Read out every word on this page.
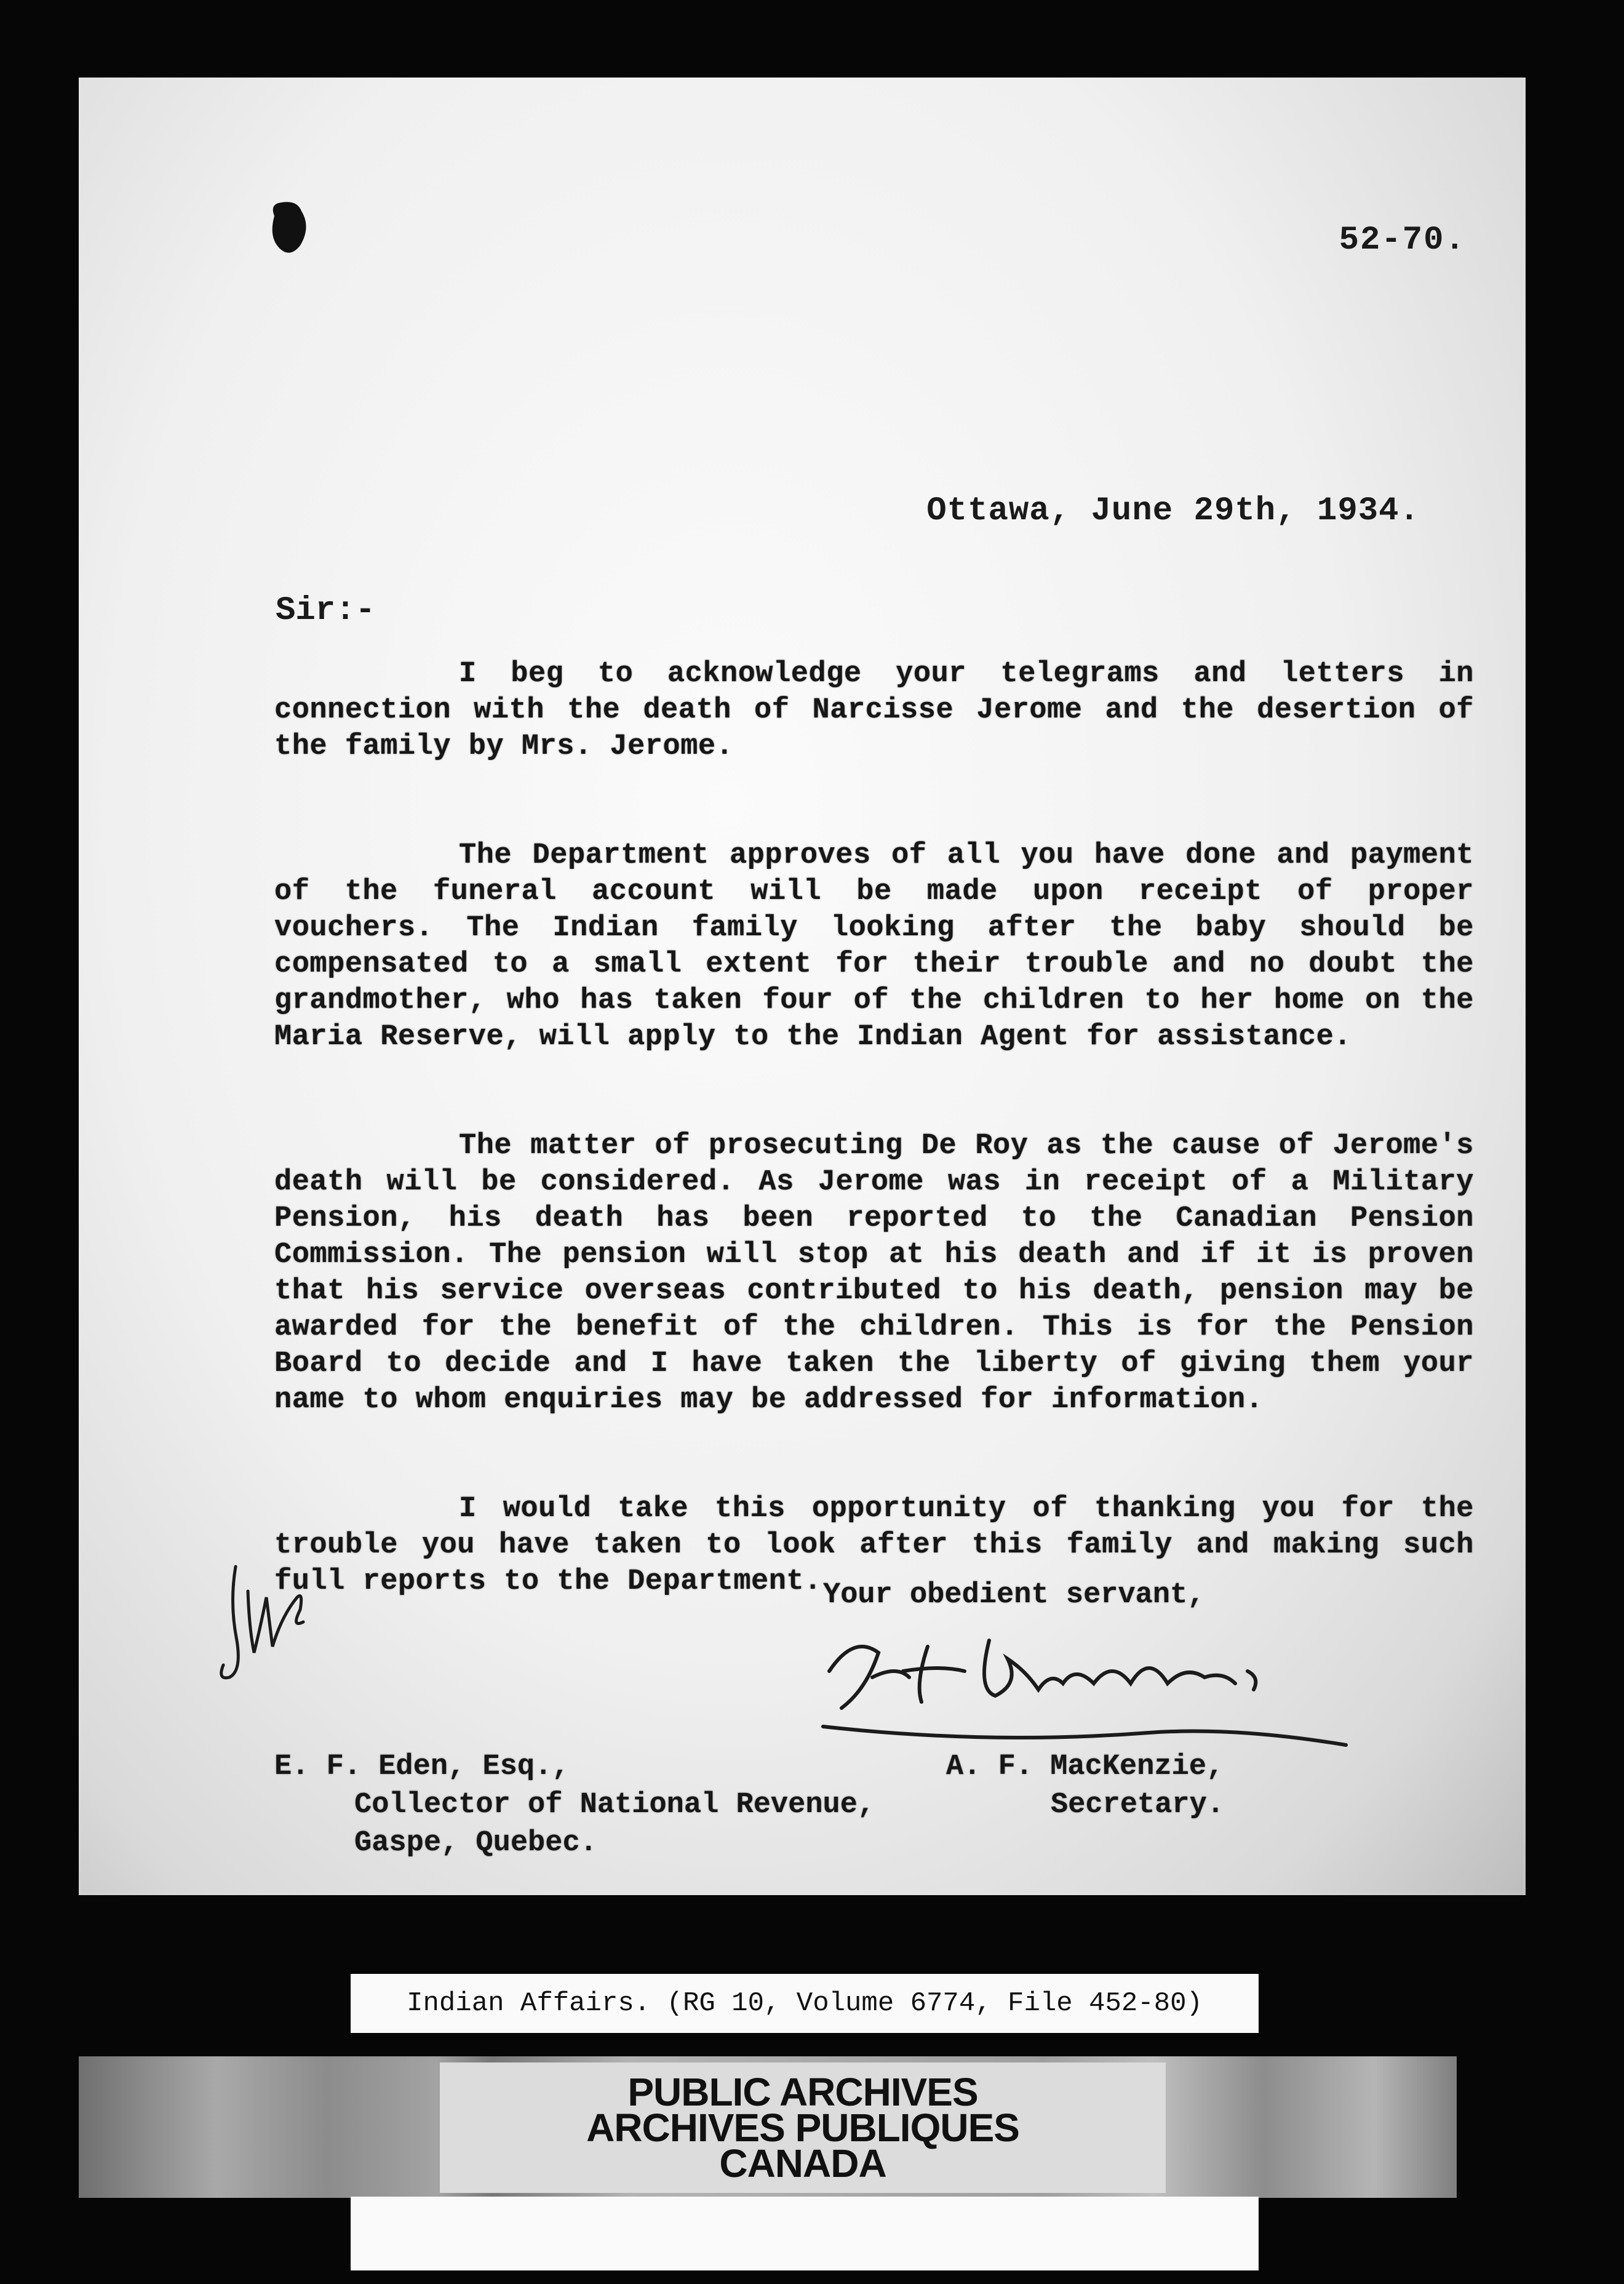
52-70.
Ottawa, June 29th, 1934.
Sir:-

I beg to acknowledge your telegrams and letters in connection with the death of Narcisse Jerome and the desertion of the family by Mrs. Jerome.

The Department approves of all you have done and payment of the funeral account will be made upon receipt of proper vouchers. The Indian family looking after the baby should be compensated to a small extent for their trouble and no doubt the grandmother, who has taken four of the children to her home on the Maria Reserve, will apply to the Indian Agent for assistance.

The matter of prosecuting De Roy as the cause of Jerome's death will be considered. As Jerome was in receipt of a Military Pension, his death has been reported to the Canadian Pension Commission. The pension will stop at his death and if it is proven that his service overseas contributed to his death, pension may be awarded for the benefit of the children. This is for the Pension Board to decide and I have taken the liberty of giving them your name to whom enquiries may be addressed for information.

I would take this opportunity of thanking you for the trouble you have taken to look after this family and making such full reports to the Department. Your obedient servant,
A. F. MacKenzie,
Secretary.
E. F. Eden, Esq.,
Collector of National Revenue,
Gaspe, Quebec.
Indian Affairs. (RG 10, Volume 6774, File 452-80)
PUBLIC ARCHIVES
ARCHIVES PUBLIQUES
CANADA
